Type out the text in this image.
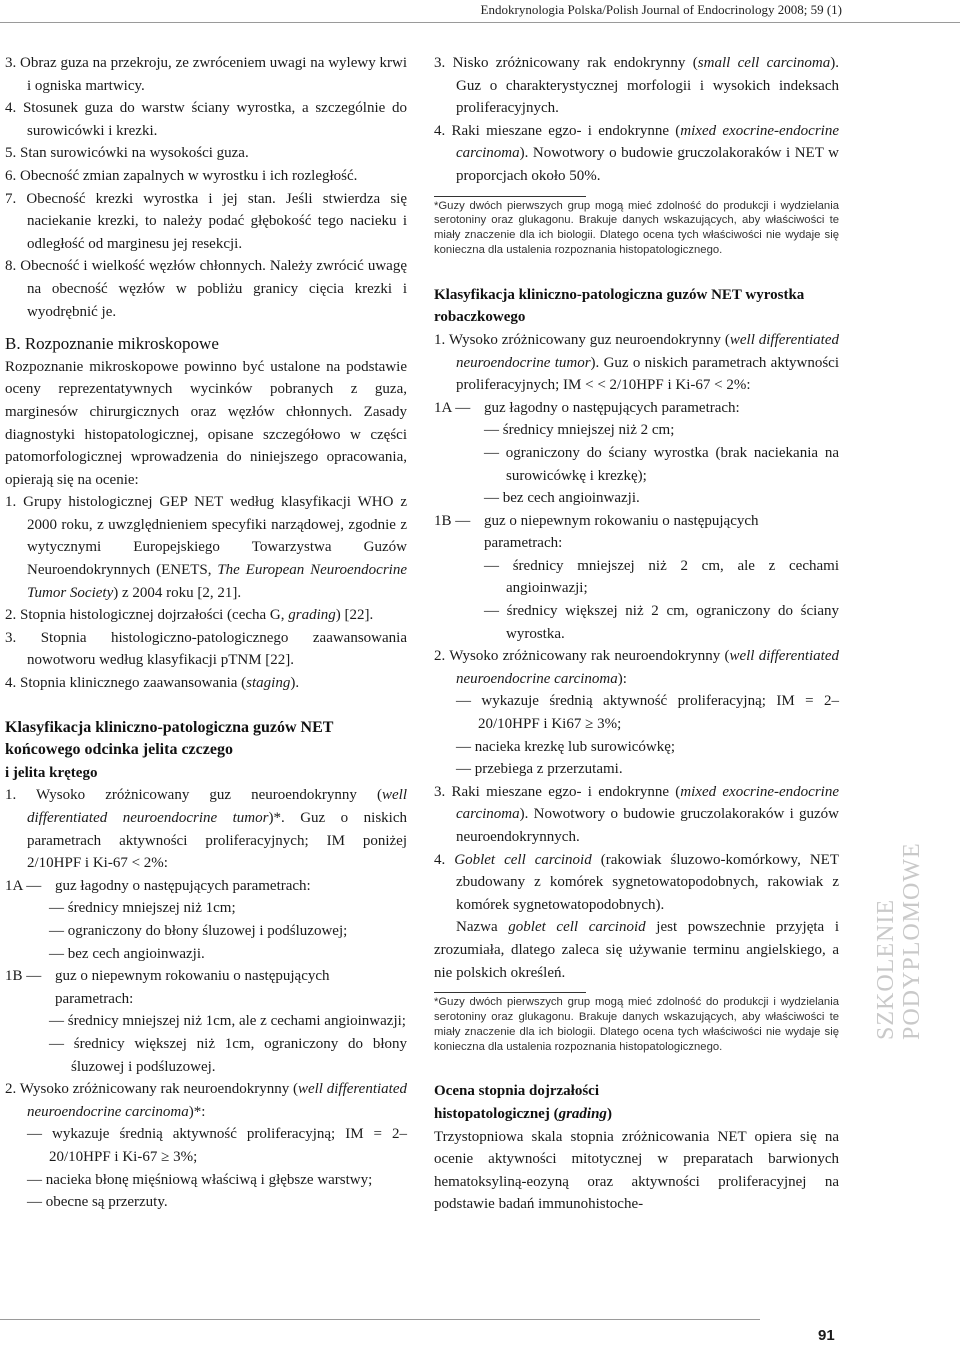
Endokrynologia Polska/Polish Journal of Endocrinology 2008; 59 (1)

3. Obraz guza na przekroju, ze zwróceniem uwagi na wylewy krwi i ogniska martwicy.

4. Stosunek guza do warstw ściany wyrostka, a szczególnie do surowicówki i krezki.

5. Stan surowicówki na wysokości guza.

6. Obecność zmian zapalnych w wyrostku i ich rozległość.

7. Obecność krezki wyrostka i jej stan. Jeśli stwierdza się naciekanie krezki, to należy podać głębokość tego nacieku i odległość od marginesu jej resekcji.

8. Obecność i wielkość węzłów chłonnych. Należy zwrócić uwagę na obecność węzłów w pobliżu granicy cięcia krezki i wyodrębnić je.

B. Rozpoznanie mikroskopowe

Rozpoznanie mikroskopowe powinno być ustalone na podstawie oceny reprezentatywnych wycinków pobranych z guza, marginesów chirurgicznych oraz węzłów chłonnych. Zasady diagnostyki histopatologicznej, opisane szczegółowo w części patomorfologicznej wprowadzenia do niniejszego opracowania, opierają się na ocenie:

1. Grupy histologicznej GEP NET według klasyfikacji WHO z 2000 roku, z uwzględnieniem specyfiki narządowej, zgodnie z wytycznymi Europejskiego Towarzystwa Guzów Neuroendokrynnych (ENETS, The European Neuroendocrine Tumor Society) z 2004 roku [2, 21].

2. Stopnia histologicznej dojrzałości (cecha G, grading) [22].

3. Stopnia histologiczno-patologicznego zaawansowania nowotworu według klasyfikacji pTNM [22].

4. Stopnia klinicznego zaawansowania (staging).

Klasyfikacja kliniczno-patologiczna guzów NET końcowego odcinka jelita czczego

i jelita krętego

1. Wysoko zróżnicowany guz neuroendokrynny (well differentiated neuroendocrine tumor)*. Guz o niskich parametrach aktywności proliferacyjnych; IM poniżej 2/10HPF i Ki-67 < 2%:

1A — guz łagodny o następujących parametrach:

— średnicy mniejszej niż 1cm;

— ograniczony do błony śluzowej i podśluzowej;

— bez cech angioinwazji.

1B — guz o niepewnym rokowaniu o następujących parametrach:

— średnicy mniejszej niż 1cm, ale z cechami angioinwazji;

— średnicy większej niż 1cm, ograniczony do błony śluzowej i podśluzowej.

2. Wysoko zróżnicowany rak neuroendokrynny (well differentiated neuroendocrine carcinoma)*:

— wykazuje średnią aktywność proliferacyjną; IM = 2–20/10HPF i Ki-67 ≥ 3%;

— nacieka błonę mięśniową właściwą i głębsze warstwy;

— obecne są przerzuty.

3. Nisko zróżnicowany rak endokrynny (small cell carcinoma). Guz o charakterystycznej morfologii i wysokich indeksach proliferacyjnych.

4. Raki mieszane egzo- i endokrynne (mixed exocrine-endocrine carcinoma). Nowotwory o budowie gruczolakoraków i NET w proporcjach około 50%.

*Guzy dwóch pierwszych grup mogą mieć zdolność do produkcji i wydzielania serotoniny oraz glukagonu. Brakuje danych wskazujących, aby właściwości te miały znaczenie dla ich biologii. Dlatego ocena tych właściwości nie wydaje się konieczna dla ustalenia rozpoznania histopatologicznego.

Klasyfikacja kliniczno-patologiczna guzów NET wyrostka robaczkowego

1. Wysoko zróżnicowany guz neuroendokrynny (well differentiated neuroendocrine tumor). Guz o niskich parametrach aktywności proliferacyjnych; IM < < 2/10HPF i Ki-67 < 2%:

1A — guz łagodny o następujących parametrach:

— średnicy mniejszej niż 2 cm;

— ograniczony do ściany wyrostka (brak naciekania na surowicówkę i krezkę);

— bez cech angioinwazji.

1B — guz o niepewnym rokowaniu o następujących parametrach:

— średnicy mniejszej niż 2 cm, ale z cechami angioinwazji;

— średnicy większej niż 2 cm, ograniczony do ściany wyrostka.

2. Wysoko zróżnicowany rak neuroendokrynny (well differentiated neuroendocrine carcinoma):

— wykazuje średnią aktywność proliferacyjną; IM = 2–20/10HPF i Ki67 ≥ 3%;

— nacieka krezkę lub surowicówkę;

— przebiega z przerzutami.

3. Raki mieszane egzo- i endokrynne (mixed exocrine-endocrine carcinoma). Nowotwory o budowie gruczolakoraków i guzów neuroendokrynnych.

4. Goblet cell carcinoid (rakowiak śluzowo-komórkowy, NET zbudowany z komórek sygnetowatopodobnych, rakowiak z komórek sygnetowatopodobnych).

Nazwa goblet cell carcinoid jest powszechnie przyjęta i zrozumiała, dlatego zaleca się używanie terminu angielskiego, a nie polskich określeń.

*Guzy dwóch pierwszych grup mogą mieć zdolność do produkcji i wydzielania serotoniny oraz glukagonu. Brakuje danych wskazujących, aby właściwości te miały znaczenie dla ich biologii. Dlatego ocena tych właściwości nie wydaje się konieczna dla ustalenia rozpoznania histopatologicznego.

Ocena stopnia dojrzałości

histopatologicznej (grading)

Trzystopniowa skala stopnia zróżnicowania NET opiera się na ocenie aktywności mitotycznej w preparatach barwionych hematoksyliną-eozyną oraz aktywności proliferacyjnej na podstawie badań immunohistoche-

SZKOLENIE PODYPLOMOWE
91
